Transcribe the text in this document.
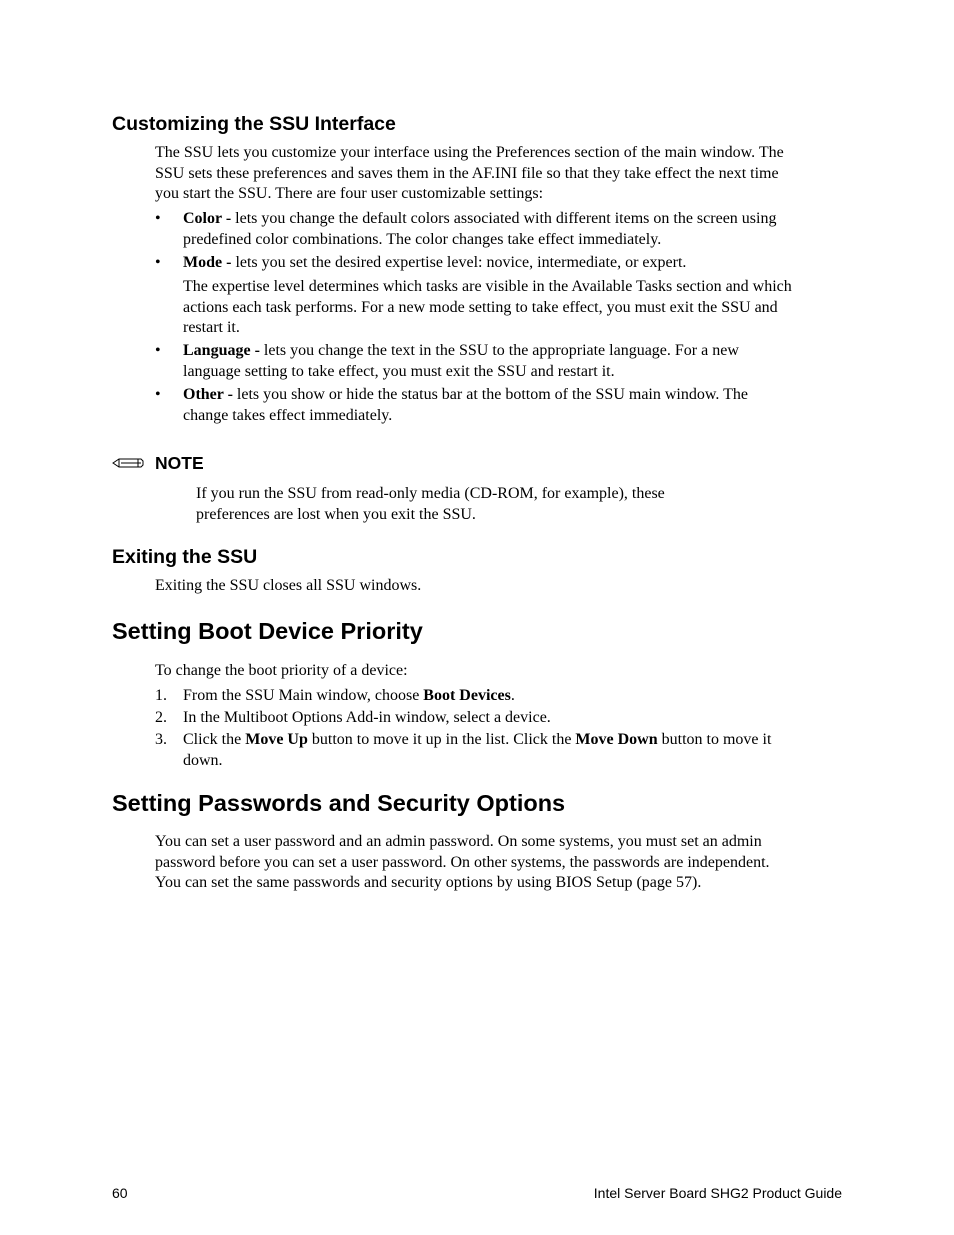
Customizing the SSU Interface

The SSU lets you customize your interface using the Preferences section of the main window. The
SSU sets these preferences and saves them in the AF.INI file so that they take effect the next time
you start the SSU. There are four user customizable settings:

•	Color - lets you change the default colors associated with different items on the screen using
predefined color combinations. The color changes take effect immediately.

•	Mode - lets you set the desired expertise level: novice, intermediate, or expert.

The expertise level determines which tasks are visible in the Available Tasks section and which
actions each task performs. For a new mode setting to take effect, you must exit the SSU and
restart it.

•	Language - lets you change the text in the SSU to the appropriate language. For a new
language setting to take effect, you must exit the SSU and restart it.

•	Other - lets you show or hide the status bar at the bottom of the SSU main window. The
change takes effect immediately.

NOTE

If you run the SSU from read-only media (CD-ROM, for example), these
preferences are lost when you exit the SSU.

Exiting the SSU

Exiting the SSU closes all SSU windows.

Setting Boot Device Priority

To change the boot priority of a device:

1.	From the SSU Main window, choose Boot Devices.

2.	In the Multiboot Options Add-in window, select a device.

3.	Click the Move Up button to move it up in the list. Click the Move Down button to move it
down.

Setting Passwords and Security Options

You can set a user password and an admin password. On some systems, you must set an admin
password before you can set a user password. On other systems, the passwords are independent.
You can set the same passwords and security options by using BIOS Setup (page 57).

60	Intel Server Board SHG2 Product Guide
